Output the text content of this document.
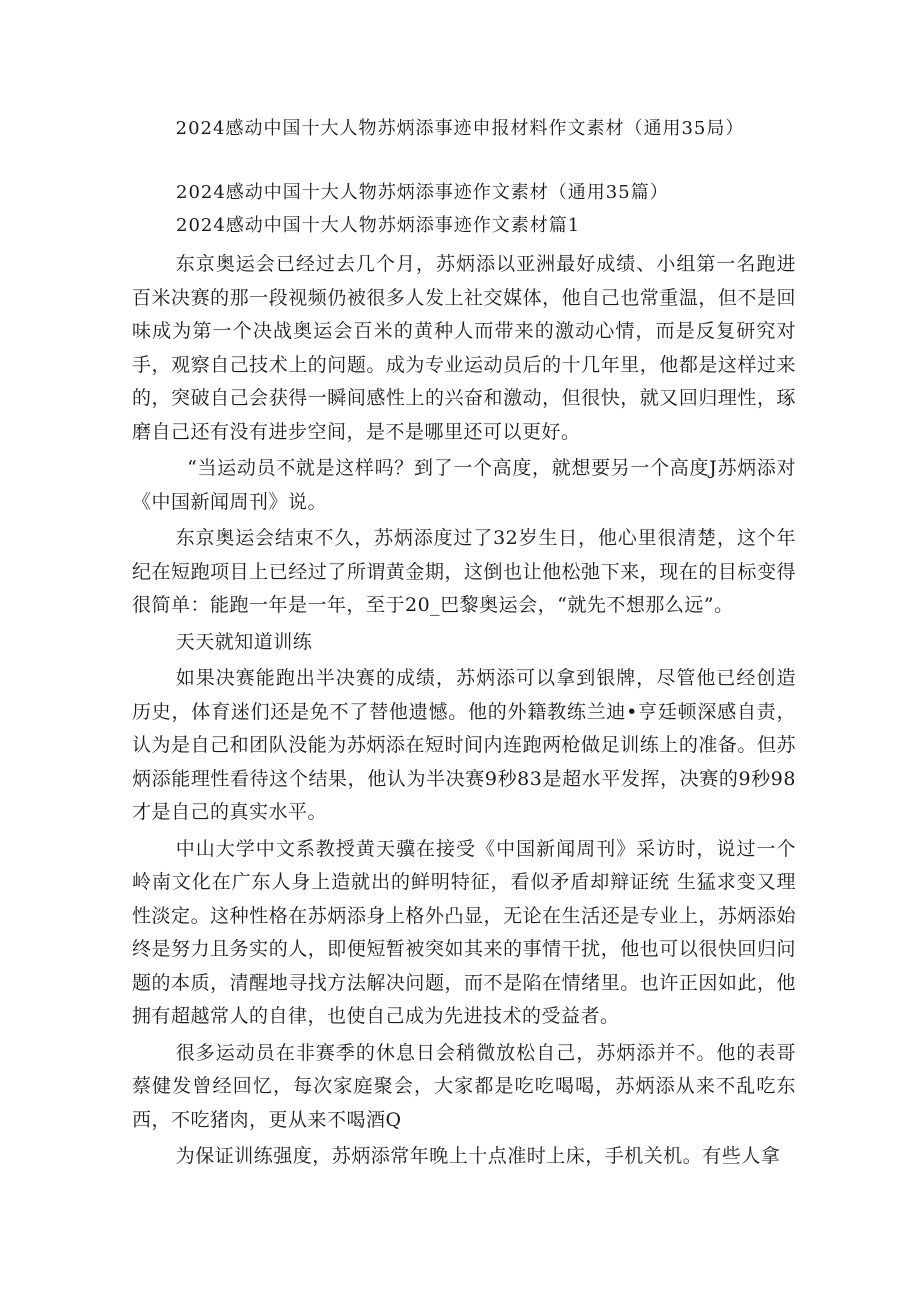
2024感动中国十大人物苏炳添事迹申报材料作文素材（通用35局）
2024感动中国十大人物苏炳添事迹作文素材（通用35篇）
2024感动中国十大人物苏炳添事迹作文素材篇1

东京奥运会已经过去几个月，苏炳添以亚洲最好成绩、小组第一名跑进百米决赛的那一段视频仍被很多人发上社交媒体，他自己也常重温，但不是回味成为第一个决战奥运会百米的黄种人而带来的激动心情，而是反复研究对手，观察自己技术上的问题。成为专业运动员后的十几年里，他都是这样过来的，突破自己会获得一瞬间感性上的兴奋和激动，但很快，就又回归理性，琢磨自己还有没有进步空间，是不是哪里还可以更好。

“当运动员不就是这样吗？到了一个高度，就想要另一个高度J苏炳添对《中国新闻周刊》说。

东京奥运会结束不久，苏炳添度过了32岁生日，他心里很清楚，这个年纪在短跑项目上已经过了所谓黄金期，这倒也让他松弛下来，现在的目标变得很简单：能跑一年是一年，至于20_巴黎奥运会，“就先不想那么远”。

天天就知道训练

如果决赛能跑出半决赛的成绩，苏炳添可以拿到银牌，尽管他已经创造历史，体育迷们还是免不了替他遗憾。他的外籍教练兰迪•亨廷顿深感自责，认为是自己和团队没能为苏炳添在短时间内连跑两枪做足训练上的准备。但苏炳添能理性看待这个结果，他认为半决赛9秒83是超水平发挥，决赛的9秒98才是自己的真实水平。

中山大学中文系教授黄天骥在接受《中国新闻周刊》采访时，说过一个岭南文化在广东人身上造就出的鲜明特征，看似矛盾却辩证统 生猛求变又理性淡定。这种性格在苏炳添身上格外凸显，无论在生活还是专业上，苏炳添始终是努力且务实的人，即便短暂被突如其来的事情干扰，他也可以很快回归问题的本质，清醒地寻找方法解决问题，而不是陷在情绪里。也许正因如此，他拥有超越常人的自律，也使自己成为先进技术的受益者。

很多运动员在非赛季的休息日会稍微放松自己，苏炳添并不。他的表哥蔡健发曾经回忆，每次家庭聚会，大家都是吃吃喝喝，苏炳添从来不乱吃东西，不吃猪肉，更从来不喝酒Q

为保证训练强度，苏炳添常年晚上十点准时上床，手机关机。有些人拿
